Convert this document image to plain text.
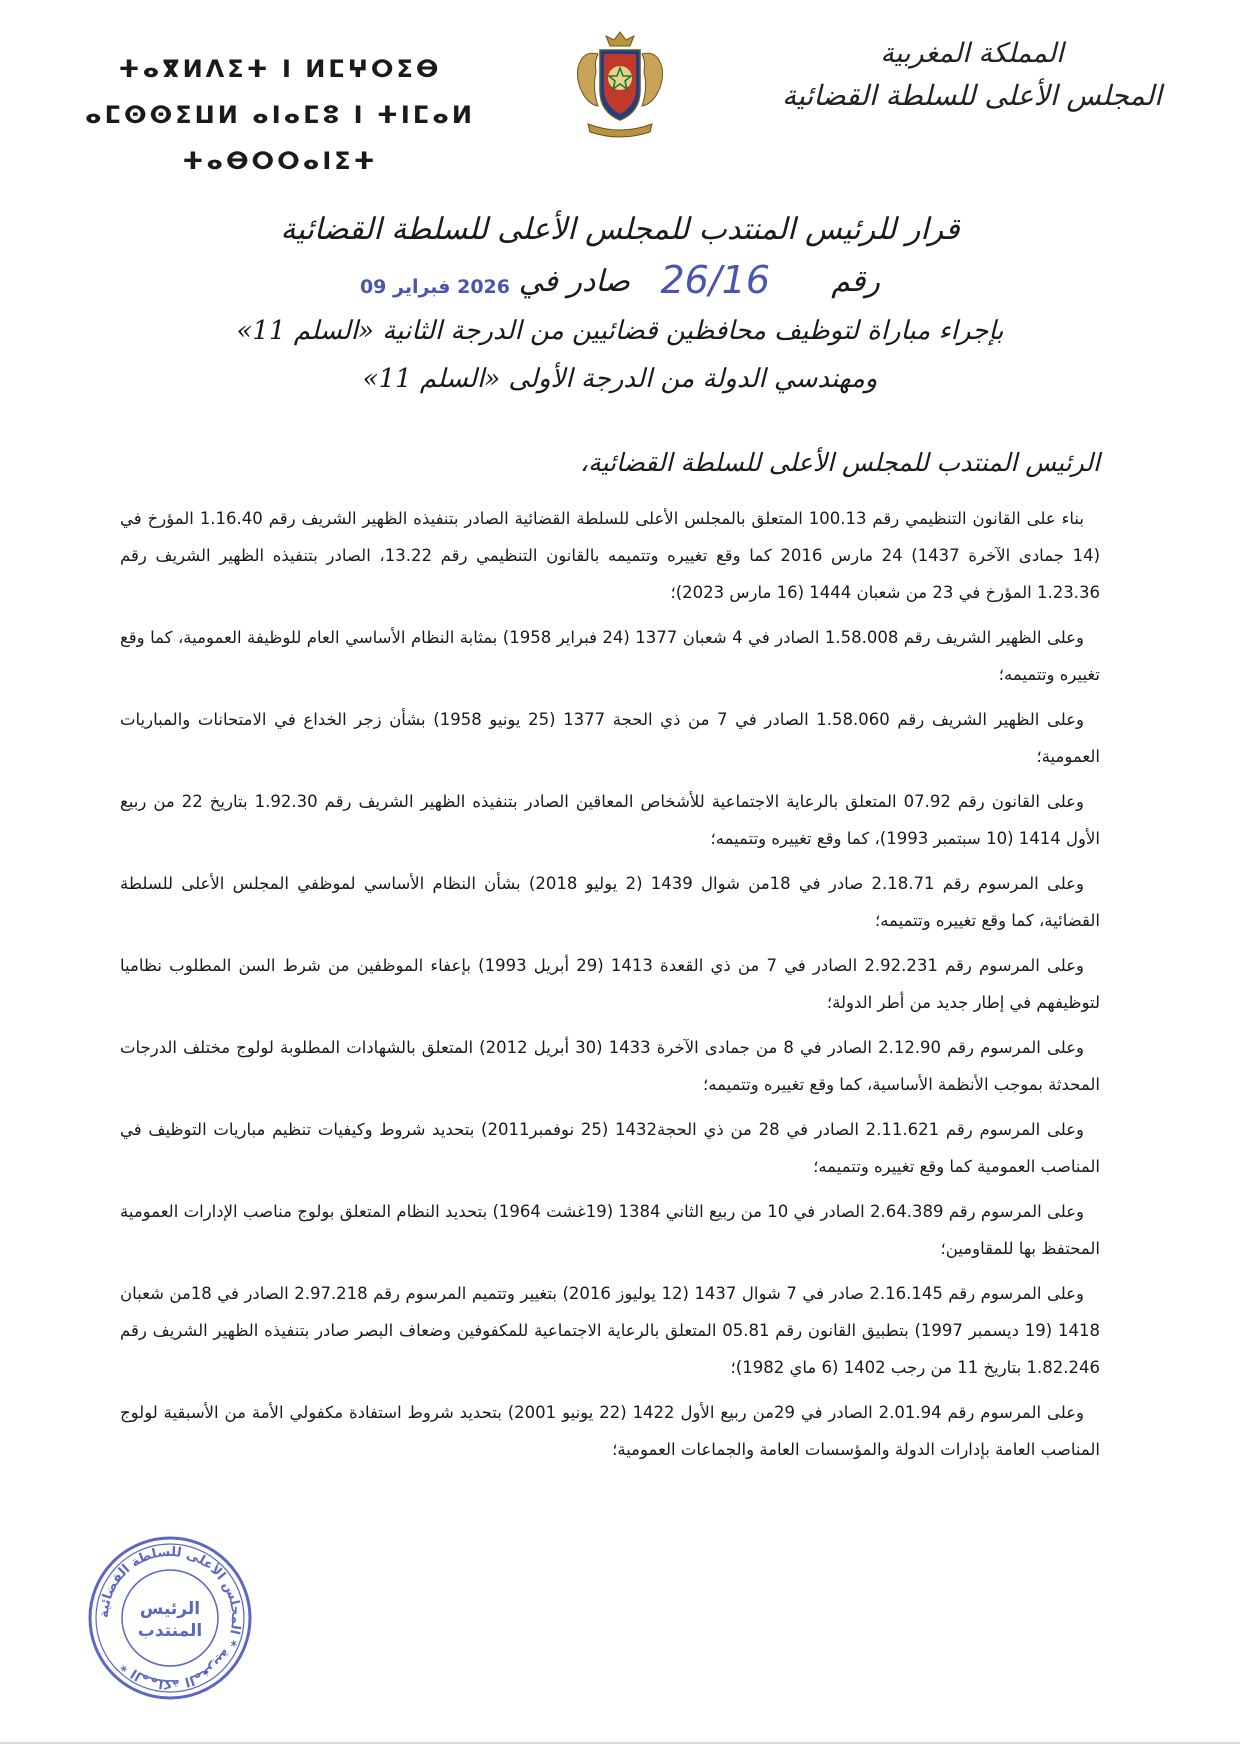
المملكة المغربية
المجلس الأعلى للسلطة القضائية
ⵜⴰⴳⵍⴷⵉⵜ ⵏ ⵍⵎⵖⵔⵉⴱ
ⴰⵎⵙⵙⵉⵡⵍ ⴰⵏⴰⵎⵓ ⵏ ⵜⵏⵎⴰⵍ ⵜⴰⴱⵔⵔⴰⵏⵉⵜ
قرار للرئيس المنتدب للمجلس الأعلى للسلطة القضائية
رقم
26/16
صادر في
2026 فبراير 09
بإجراء مباراة لتوظيف محافظين قضائيين من الدرجة الثانية «السلم 11»
ومهندسي الدولة من الدرجة الأولى «السلم 11»
الرئيس المنتدب للمجلس الأعلى للسلطة القضائية،

بناء على القانون التنظيمي رقم 100.13 المتعلق بالمجلس الأعلى للسلطة القضائية الصادر بتنفيذه الظهير الشريف رقم 1.16.40 المؤرخ في (14 جمادى الآخرة 1437) 24 مارس 2016 كما وقع تغييره وتتميمه بالقانون التنظيمي رقم 13.22، الصادر بتنفيذه الظهير الشريف رقم 1.23.36 المؤرخ في 23 من شعبان 1444 (16 مارس 2023)؛

وعلى الظهير الشريف رقم 1.58.008 الصادر في 4 شعبان 1377 (24 فبراير 1958) بمثابة النظام الأساسي العام للوظيفة العمومية، كما وقع تغييره وتتميمه؛

وعلى الظهير الشريف رقم 1.58.060 الصادر في 7 من ذي الحجة 1377 (25 يونيو 1958) بشأن زجر الخداع في الامتحانات والمباريات العمومية؛

وعلى القانون رقم 07.92 المتعلق بالرعاية الاجتماعية للأشخاص المعاقين الصادر بتنفيذه الظهير الشريف رقم 1.92.30 بتاريخ 22 من ربيع الأول 1414 (10 سبتمبر 1993)، كما وقع تغييره وتتميمه؛

وعلى المرسوم رقم 2.18.71 صادر في 18من شوال 1439 (2 يوليو 2018) بشأن النظام الأساسي لموظفي المجلس الأعلى للسلطة القضائية، كما وقع تغييره وتتميمه؛

وعلى المرسوم رقم 2.92.231 الصادر في 7 من ذي القعدة 1413 (29 أبريل 1993) بإعفاء الموظفين من شرط السن المطلوب نظاميا لتوظيفهم في إطار جديد من أطر الدولة؛

وعلى المرسوم رقم 2.12.90 الصادر في 8 من جمادى الآخرة 1433 (30 أبريل 2012) المتعلق بالشهادات المطلوبة لولوج مختلف الدرجات المحدثة بموجب الأنظمة الأساسية، كما وقع تغييره وتتميمه؛

وعلى المرسوم رقم 2.11.621 الصادر في 28 من ذي الحجة1432 (25 نوفمبر2011) بتحديد شروط وكيفيات تنظيم مباريات التوظيف في المناصب العمومية كما وقع تغييره وتتميمه؛

وعلى المرسوم رقم 2.64.389 الصادر في 10 من ربيع الثاني 1384 (19غشت 1964) بتحديد النظام المتعلق بولوج مناصب الإدارات العمومية المحتفظ بها للمقاومين؛

وعلى المرسوم رقم 2.16.145 صادر في 7 شوال 1437 (12 يوليوز 2016) بتغيير وتتميم المرسوم رقم 2.97.218 الصادر في 18من شعبان 1418 (19 ديسمبر 1997) بتطبيق القانون رقم 05.81 المتعلق بالرعاية الاجتماعية للمكفوفين وضعاف البصر صادر بتنفيذه الظهير الشريف رقم 1.82.246 بتاريخ 11 من رجب 1402 (6 ماي 1982)؛

وعلى المرسوم رقم 2.01.94 الصادر في 29من ربيع الأول 1422 (22 يونيو 2001) بتحديد شروط استفادة مكفولي الأمة من الأسبقية لولوج المناصب العامة بإدارات الدولة والمؤسسات العامة والجماعات العمومية؛

المملكة المغربية * المجلس الأعلى للسلطة القضائية *
الرئيس
المنتدب
